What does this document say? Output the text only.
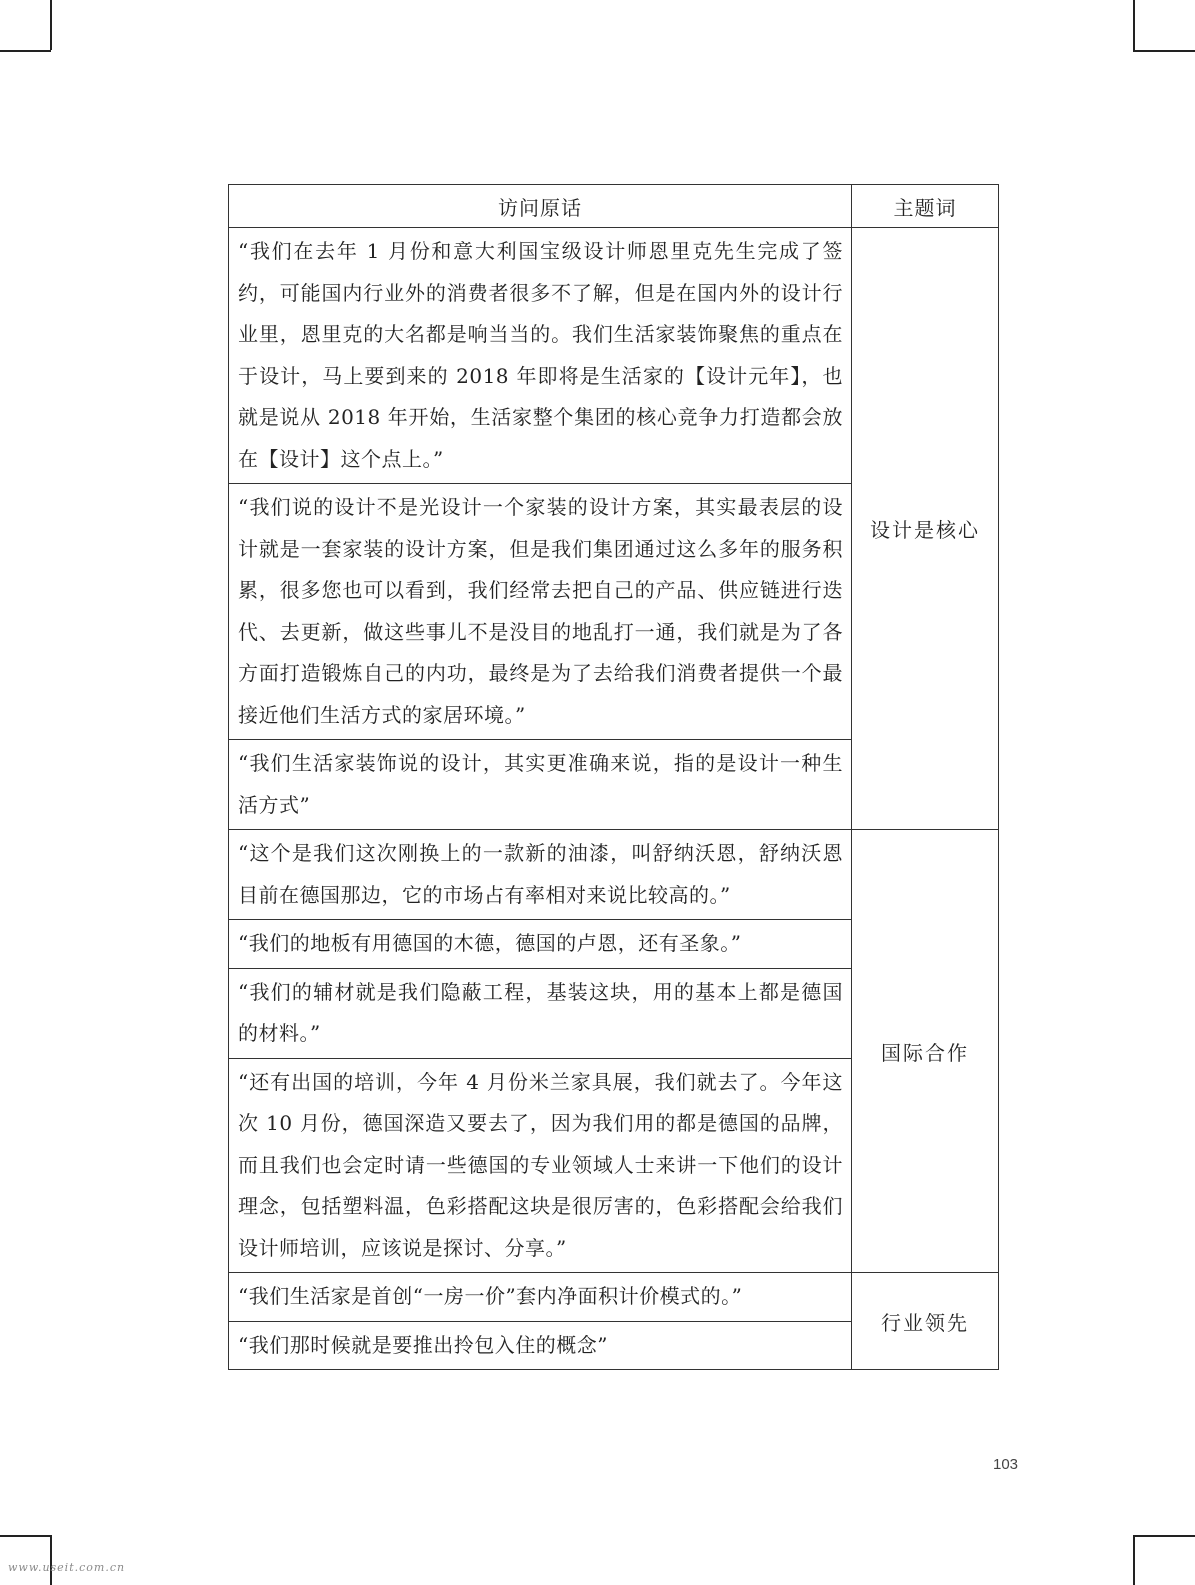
访问原话	主题词
“我们在去年 1 月份和意大利国宝级设计师恩里克先生完成了签约，可能国内行业外的消费者很多不了解，但是在国内外的设计行业里，恩里克的大名都是响当当的。我们生活家装饰聚焦的重点在于设计，马上要到来的 2018 年即将是生活家的【设计元年】，也就是说从 2018 年开始，生活家整个集团的核心竞争力打造都会放在【设计】这个点上。”	设计是核心
“我们说的设计不是光设计一个家装的设计方案，其实最表层的设计就是一套家装的设计方案，但是我们集团通过这么多年的服务积累，很多您也可以看到，我们经常去把自己的产品、供应链进行迭代、去更新，做这些事儿不是没目的地乱打一通，我们就是为了各方面打造锻炼自己的内功，最终是为了去给我们消费者提供一个最接近他们生活方式的家居环境。”	
“我们生活家装饰说的设计，其实更准确来说，指的是设计一种生活方式”	
“这个是我们这次刚换上的一款新的油漆，叫舒纳沃恩，舒纳沃恩目前在德国那边，它的市场占有率相对来说比较高的。”	国际合作
“我们的地板有用德国的木德，德国的卢恩，还有圣象。”	
“我们的辅材就是我们隐蔽工程，基装这块，用的基本上都是德国的材料。”	
“还有出国的培训，今年 4 月份米兰家具展，我们就去了。今年这次 10 月份，德国深造又要去了，因为我们用的都是德国的品牌，而且我们也会定时请一些德国的专业领域人士来讲一下他们的设计理念，包括塑料温，色彩搭配这块是很厉害的，色彩搭配会给我们设计师培训，应该说是探讨、分享。”	
“我们生活家是首创“一房一价”套内净面积计价模式的。”	行业领先
“我们那时候就是要推出拎包入住的概念”	
103
www.useit.com.cn
